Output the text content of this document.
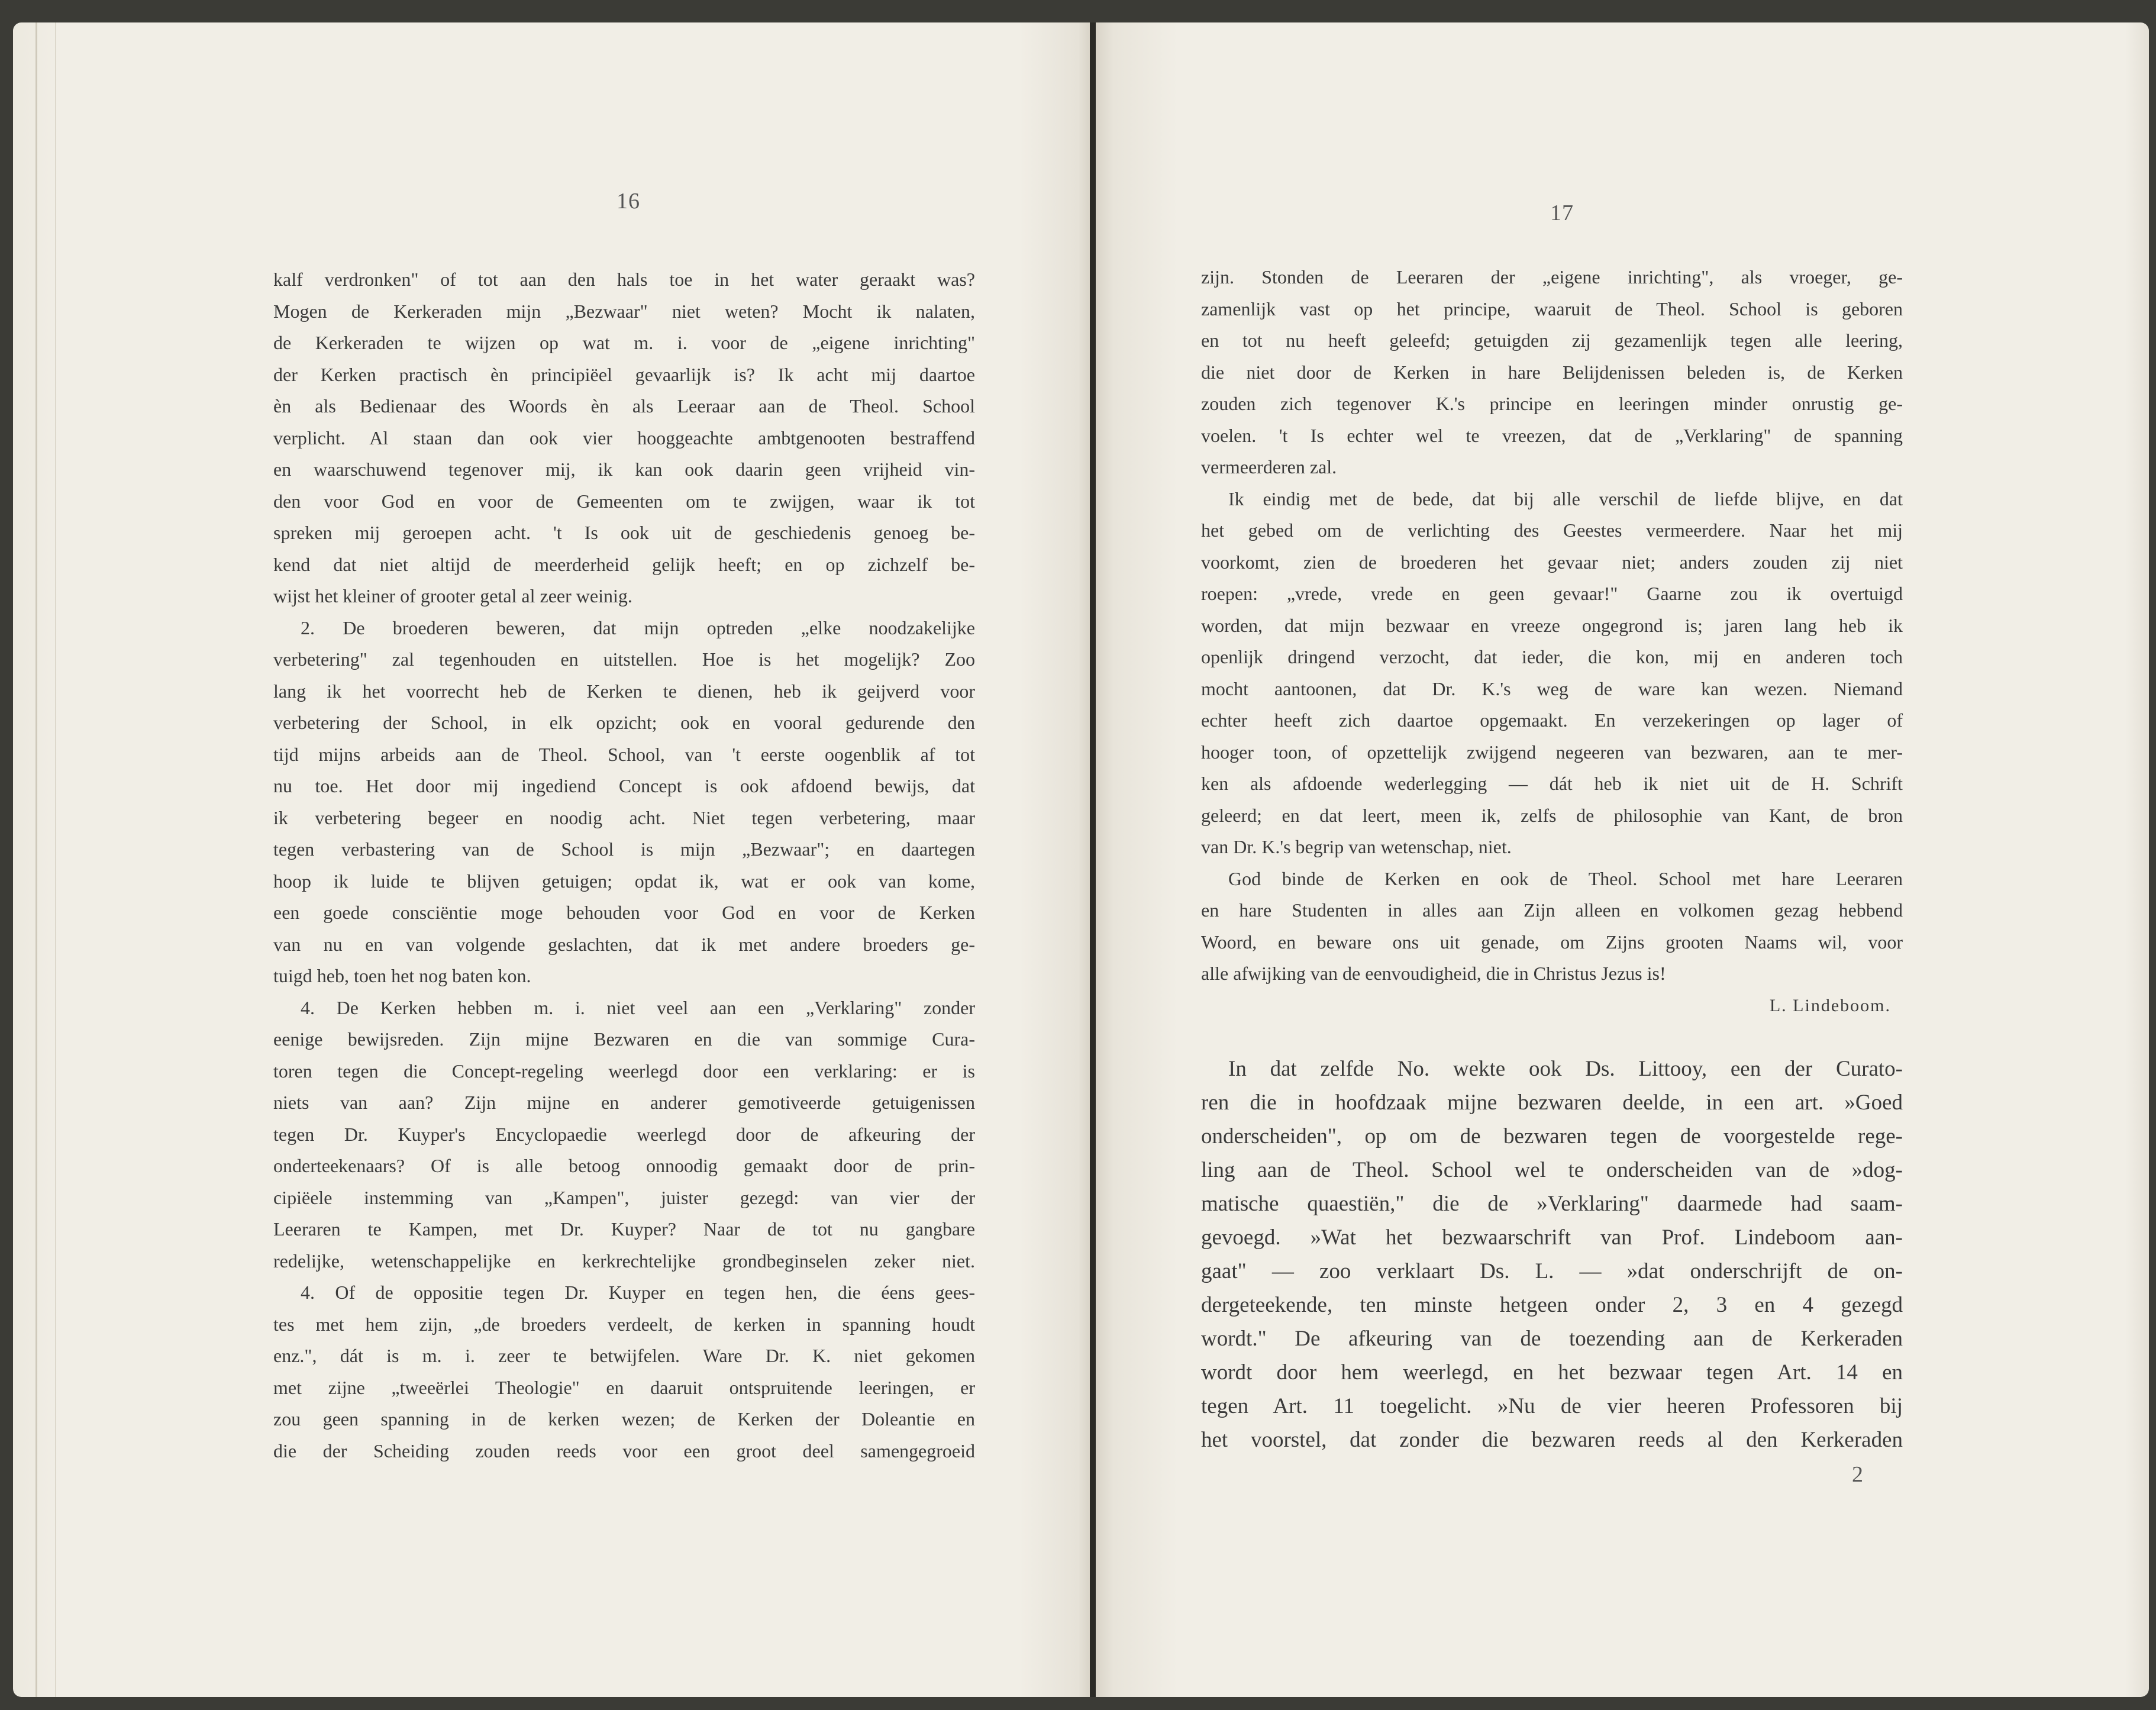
16
kalf verdronken" of tot aan den hals toe in het water geraakt was?
Mogen de Kerkeraden mijn „Bezwaar" niet weten? Mocht ik nalaten,
de Kerkeraden te wijzen op wat m. i. voor de „eigene inrichting"
der Kerken practisch èn principiëel gevaarlijk is? Ik acht mij daartoe
èn als Bedienaar des Woords èn als Leeraar aan de Theol. School
verplicht. Al staan dan ook vier hooggeachte ambtgenooten bestraffend
en waarschuwend tegenover mij, ik kan ook daarin geen vrijheid vin-
den voor God en voor de Gemeenten om te zwijgen, waar ik tot
spreken mij geroepen acht. 't Is ook uit de geschiedenis genoeg be-
kend dat niet altijd de meerderheid gelijk heeft; en op zichzelf be-
wijst het kleiner of grooter getal al zeer weinig.
2. De broederen beweren, dat mijn optreden „elke noodzakelijke
verbetering" zal tegenhouden en uitstellen. Hoe is het mogelijk? Zoo
lang ik het voorrecht heb de Kerken te dienen, heb ik geijverd voor
verbetering der School, in elk opzicht; ook en vooral gedurende den
tijd mijns arbeids aan de Theol. School, van 't eerste oogenblik af tot
nu toe. Het door mij ingediend Concept is ook afdoend bewijs, dat
ik verbetering begeer en noodig acht. Niet tegen verbetering, maar
tegen verbastering van de School is mijn „Bezwaar"; en daartegen
hoop ik luide te blijven getuigen; opdat ik, wat er ook van kome,
een goede consciëntie moge behouden voor God en voor de Kerken
van nu en van volgende geslachten, dat ik met andere broeders ge-
tuigd heb, toen het nog baten kon.
4. De Kerken hebben m. i. niet veel aan een „Verklaring" zonder
eenige bewijsreden. Zijn mijne Bezwaren en die van sommige Cura-
toren tegen die Concept-regeling weerlegd door een verklaring: er is
niets van aan? Zijn mijne en anderer gemotiveerde getuigenissen
tegen Dr. Kuyper's Encyclopaedie weerlegd door de afkeuring der
onderteekenaars? Of is alle betoog onnoodig gemaakt door de prin-
cipiëele instemming van „Kampen", juister gezegd: van vier der
Leeraren te Kampen, met Dr. Kuyper? Naar de tot nu gangbare
redelijke, wetenschappelijke en kerkrechtelijke grondbeginselen zeker niet.
4. Of de oppositie tegen Dr. Kuyper en tegen hen, die éens gees-
tes met hem zijn, „de broeders verdeelt, de kerken in spanning houdt
enz.", dát is m. i. zeer te betwijfelen. Ware Dr. K. niet gekomen
met zijne „tweeërlei Theologie" en daaruit ontspruitende leeringen, er
zou geen spanning in de kerken wezen; de Kerken der Doleantie en
die der Scheiding zouden reeds voor een groot deel samengegroeid
17
zijn. Stonden de Leeraren der „eigene inrichting", als vroeger, ge-
zamenlijk vast op het principe, waaruit de Theol. School is geboren
en tot nu heeft geleefd; getuigden zij gezamenlijk tegen alle leering,
die niet door de Kerken in hare Belijdenissen beleden is, de Kerken
zouden zich tegenover K.'s principe en leeringen minder onrustig ge-
voelen. 't Is echter wel te vreezen, dat de „Verklaring" de spanning
vermeerderen zal.
Ik eindig met de bede, dat bij alle verschil de liefde blijve, en dat
het gebed om de verlichting des Geestes vermeerdere. Naar het mij
voorkomt, zien de broederen het gevaar niet; anders zouden zij niet
roepen: „vrede, vrede en geen gevaar!" Gaarne zou ik overtuigd
worden, dat mijn bezwaar en vreeze ongegrond is; jaren lang heb ik
openlijk dringend verzocht, dat ieder, die kon, mij en anderen toch
mocht aantoonen, dat Dr. K.'s weg de ware kan wezen. Niemand
echter heeft zich daartoe opgemaakt. En verzekeringen op lager of
hooger toon, of opzettelijk zwijgend negeeren van bezwaren, aan te mer-
ken als afdoende wederlegging — dát heb ik niet uit de H. Schrift
geleerd; en dat leert, meen ik, zelfs de philosophie van Kant, de bron
van Dr. K.'s begrip van wetenschap, niet.
God binde de Kerken en ook de Theol. School met hare Leeraren
en hare Studenten in alles aan Zijn alleen en volkomen gezag hebbend
Woord, en beware ons uit genade, om Zijns grooten Naams wil, voor
alle afwijking van de eenvoudigheid, die in Christus Jezus is!
L. Lindeboom.
In dat zelfde No. wekte ook Ds. Littooy, een der Curato-
ren die in hoofdzaak mijne bezwaren deelde, in een art. »Goed
onderscheiden", op om de bezwaren tegen de voorgestelde rege-
ling aan de Theol. School wel te onderscheiden van de »dog-
matische quaestiën," die de »Verklaring" daarmede had saam-
gevoegd. »Wat het bezwaarschrift van Prof. Lindeboom aan-
gaat" — zoo verklaart Ds. L. — »dat onderschrijft de on-
dergeteekende, ten minste hetgeen onder 2, 3 en 4 gezegd
wordt." De afkeuring van de toezending aan de Kerkeraden
wordt door hem weerlegd, en het bezwaar tegen Art. 14 en
tegen Art. 11 toegelicht. »Nu de vier heeren Professoren bij
het voorstel, dat zonder die bezwaren reeds al den Kerkeraden
2
